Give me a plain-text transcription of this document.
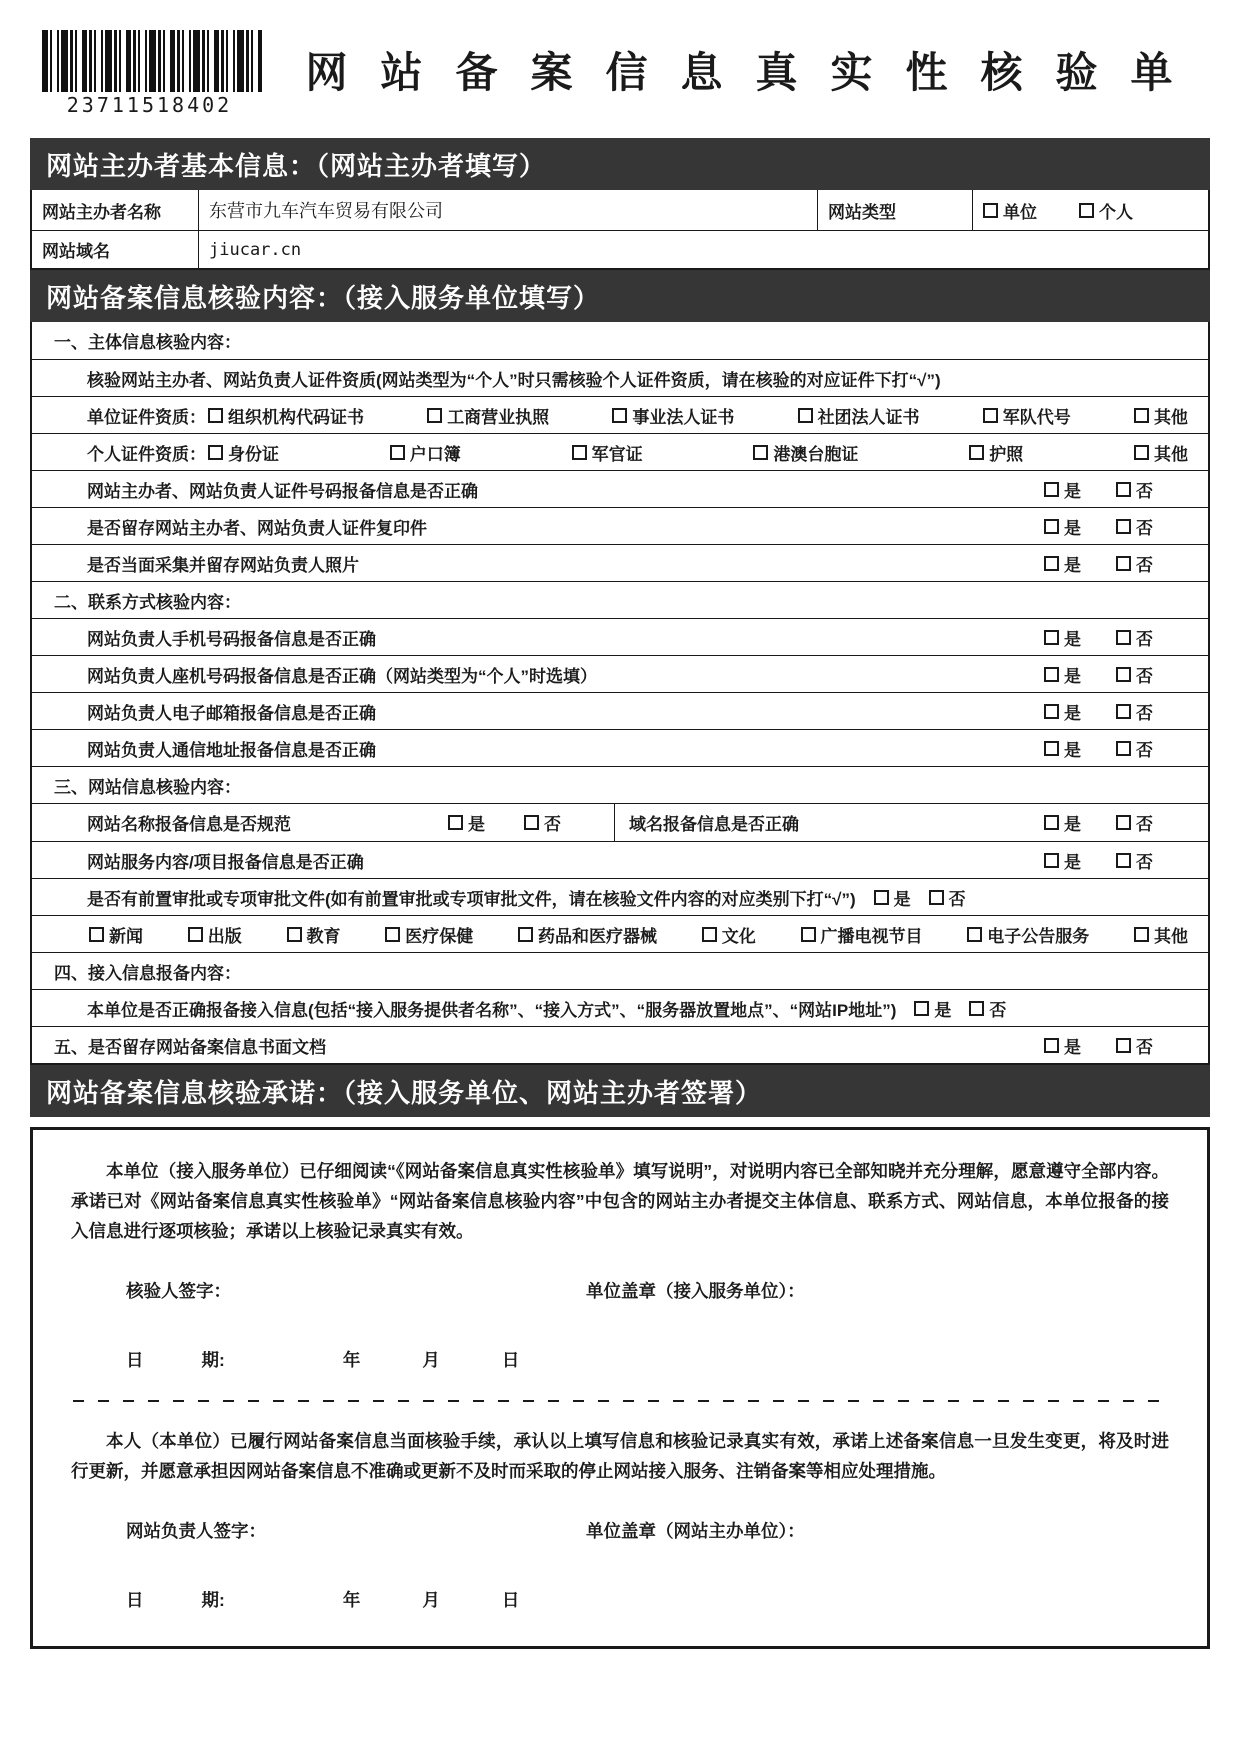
23711518402
网站备案信息真实性核验单
网站主办者基本信息：（网站主办者填写）
网站主办者名称	东营市九车汽车贸易有限公司	网站类型	单位	个人
网站域名	jiucar.cn
网站备案信息核验内容：（接入服务单位填写）
一、主体信息核验内容：
核验网站主办者、网站负责人证件资质(网站类型为“个人”时只需核验个人证件资质，请在核验的对应证件下打“√”)
单位证件资质： 组织机构代码证书	工商营业执照	事业法人证书	社团法人证书	军队代号	其他
个人证件资质： 身份证	户口簿	军官证	港澳台胞证	护照	其他
网站主办者、网站负责人证件号码报备信息是否正确	是	否
是否留存网站主办者、网站负责人证件复印件	是	否
是否当面采集并留存网站负责人照片	是	否
二、联系方式核验内容：
网站负责人手机号码报备信息是否正确	是	否
网站负责人座机号码报备信息是否正确（网站类型为“个人”时选填）	是	否
网站负责人电子邮箱报备信息是否正确	是	否
网站负责人通信地址报备信息是否正确	是	否
三、网站信息核验内容：
网站名称报备信息是否规范	是	否	域名报备信息是否正确	是	否
网站服务内容/项目报备信息是否正确	是	否
是否有前置审批或专项审批文件(如有前置审批或专项审批文件，请在核验文件内容的对应类别下打“√”) 是 否
新闻	出版	教育	医疗保健	药品和医疗器械	文化	广播电视节目	电子公告服务	其他
四、接入信息报备内容：
本单位是否正确报备接入信息(包括“接入服务提供者名称”、“接入方式”、“服务器放置地点”、“网站IP地址”) 是 否
五、是否留存网站备案信息书面文档	是	否
网站备案信息核验承诺：（接入服务单位、网站主办者签署）

本单位（接入服务单位）已仔细阅读“《网站备案信息真实性核验单》填写说明”，对说明内容已全部知晓并充分理解，愿意遵守全部内容。承诺已对《网站备案信息真实性核验单》“网站备案信息核验内容”中包含的网站主办者提交主体信息、联系方式、网站信息，本单位报备的接入信息进行逐项核验；承诺以上核验记录真实有效。

核验人签字：	单位盖章（接入服务单位）：
日	期:	年	月	日

本人（本单位）已履行网站备案信息当面核验手续，承认以上填写信息和核验记录真实有效，承诺上述备案信息一旦发生变更，将及时进行更新，并愿意承担因网站备案信息不准确或更新不及时而采取的停止网站接入服务、注销备案等相应处理措施。

网站负责人签字：	单位盖章（网站主办单位）：
日	期:	年	月	日
